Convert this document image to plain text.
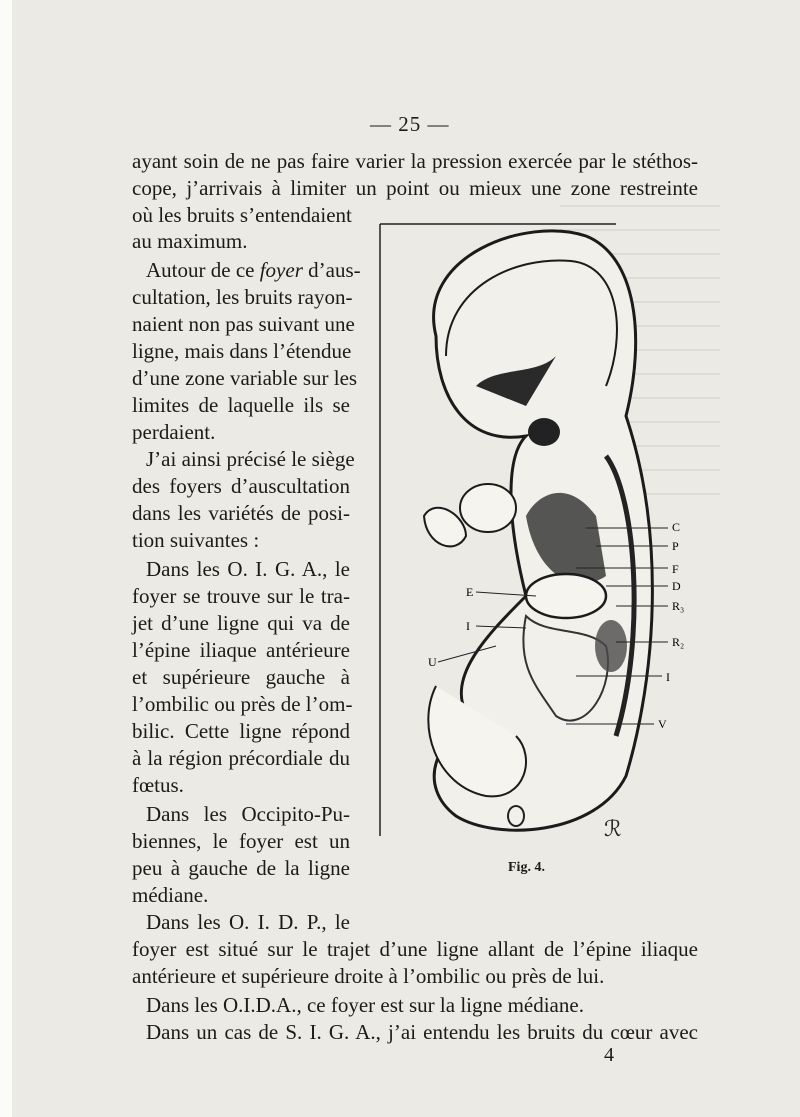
— 25 —
ayant soin de ne pas faire varier la pression exercée par le stéthos-
cope, j’arrivais à limiter un point ou mieux une zone restreinte
où les bruits s’entendaient
au maximum.
Autour de ce foyer d’aus-
cultation, les bruits rayon-
naient non pas suivant une
ligne, mais dans l’étendue
d’une zone variable sur les
limites de laquelle ils se
perdaient.
J’ai ainsi précisé le siège
des foyers d’auscultation
dans les variétés de posi-
tion suivantes :
Dans les O. I. G. A., le
foyer se trouve sur le tra-
jet d’une ligne qui va de
l’épine iliaque antérieure
et supérieure gauche à
l’ombilic ou près de l’om-
bilic. Cette ligne répond
à la région précordiale du
fœtus.
Dans les Occipito-Pu-
biennes, le foyer est un
peu à gauche de la ligne
médiane.
Dans les O. I. D. P., le
foyer est situé sur le trajet d’une ligne allant de l’épine iliaque
antérieure et supérieure droite à l’ombilic ou près de lui.
Dans les O.I.D.A., ce foyer est sur la ligne médiane.
Dans un cas de S. I. G. A., j’ai entendu les bruits du cœur avec
4
ℛ
C
P
F
D
R₃
R₂
I
V
E
I
U
Fig. 4.
